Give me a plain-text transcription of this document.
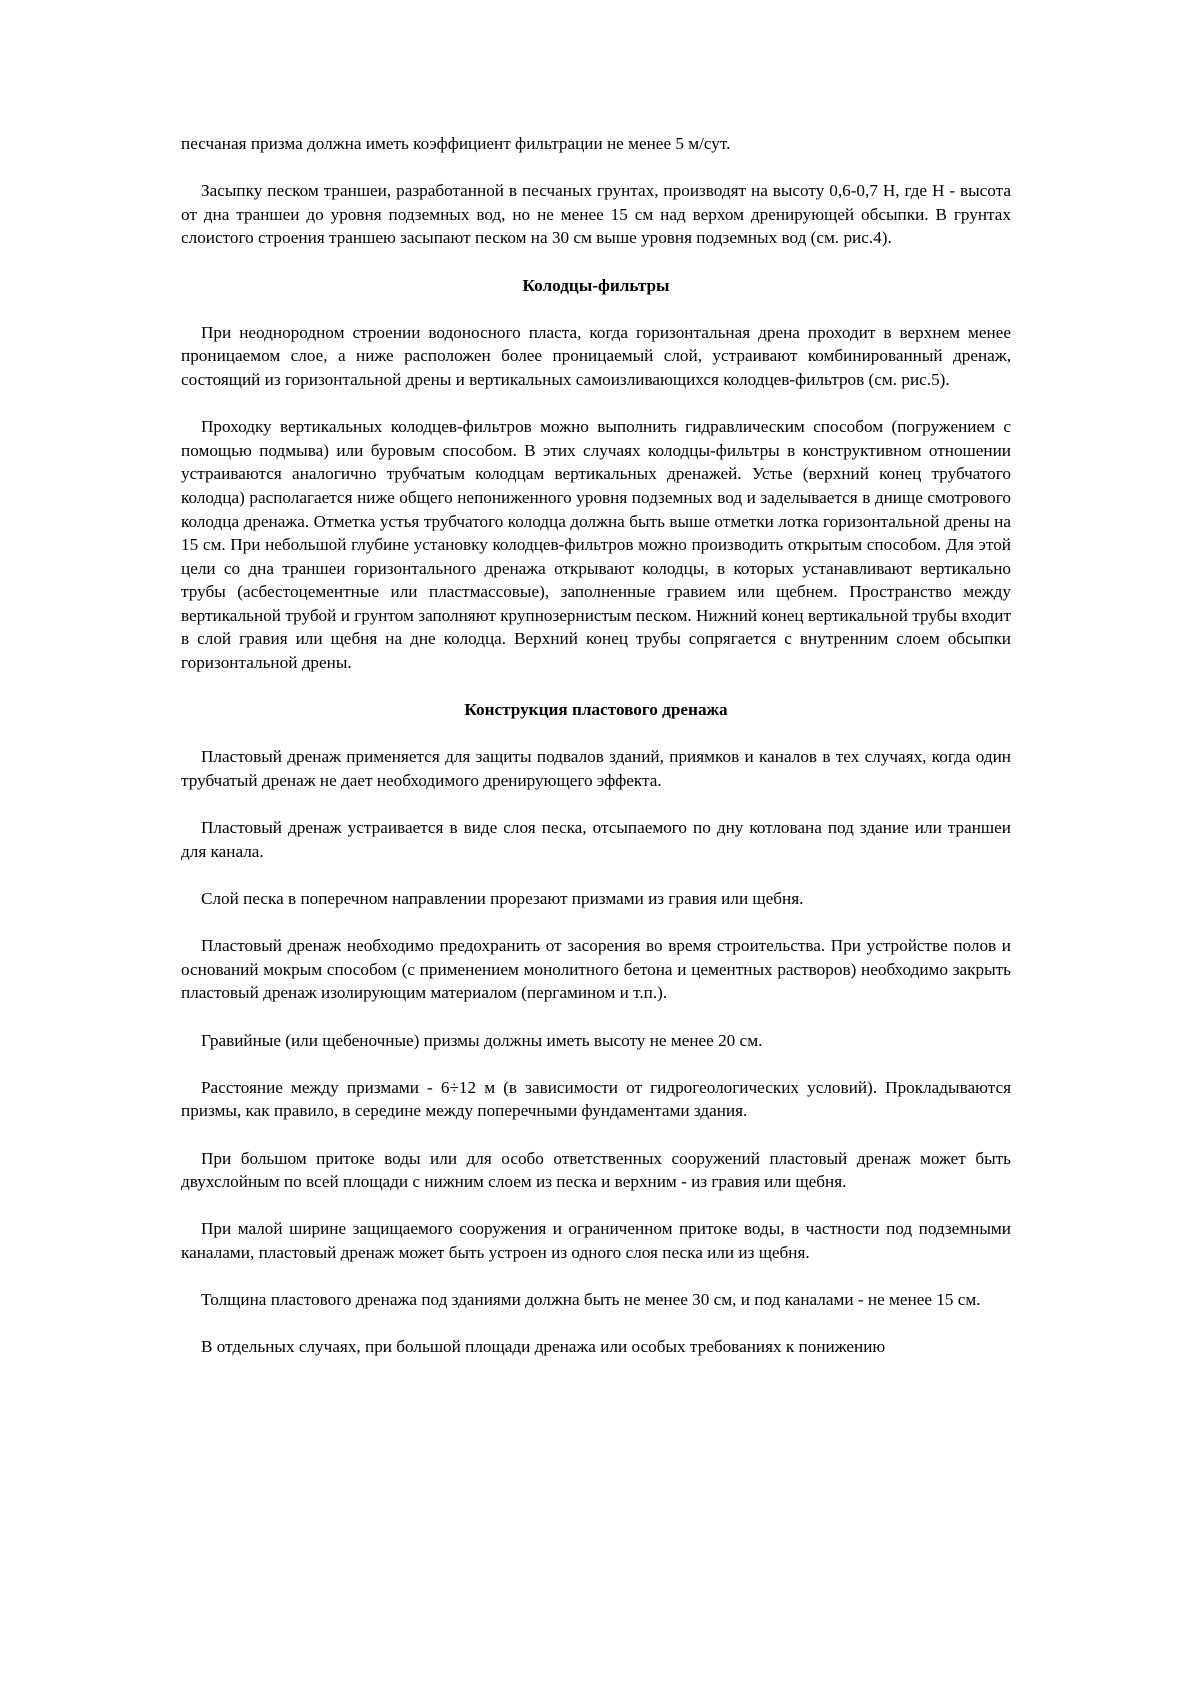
песчаная призма должна иметь коэффициент фильтрации не менее 5 м/сут.

Засыпку песком траншеи, разработанной в песчаных грунтах, производят на высоту 0,6-0,7 Н, где Н - высота от дна траншеи до уровня подземных вод, но не менее 15 см над верхом дренирующей обсыпки. В грунтах слоистого строения траншею засыпают песком на 30 см выше уровня подземных вод (см. рис.4).

Колодцы-фильтры

При неоднородном строении водоносного пласта, когда горизонтальная дрена проходит в верхнем менее проницаемом слое, а ниже расположен более проницаемый слой, устраивают комбинированный дренаж, состоящий из горизонтальной дрены и вертикальных самоизливающихся колодцев-фильтров (см. рис.5).

Проходку вертикальных колодцев-фильтров можно выполнить гидравлическим способом (погружением с помощью подмыва) или буровым способом. В этих случаях колодцы-фильтры в конструктивном отношении устраиваются аналогично трубчатым колодцам вертикальных дренажей. Устье (верхний конец трубчатого колодца) располагается ниже общего непониженного уровня подземных вод и заделывается в днище смотрового колодца дренажа. Отметка устья трубчатого колодца должна быть выше отметки лотка горизонтальной дрены на 15 см. При небольшой глубине установку колодцев-фильтров можно производить открытым способом. Для этой цели со дна траншеи горизонтального дренажа открывают колодцы, в которых устанавливают вертикально трубы (асбестоцементные или пластмассовые), заполненные гравием или щебнем. Пространство между вертикальной трубой и грунтом заполняют крупнозернистым песком. Нижний конец вертикальной трубы входит в слой гравия или щебня на дне колодца. Верхний конец трубы сопрягается с внутренним слоем обсыпки горизонтальной дрены.

Конструкция пластового дренажа

Пластовый дренаж применяется для защиты подвалов зданий, приямков и каналов в тех случаях, когда один трубчатый дренаж не дает необходимого дренирующего эффекта.

Пластовый дренаж устраивается в виде слоя песка, отсыпаемого по дну котлована под здание или траншеи для канала.

Слой песка в поперечном направлении прорезают призмами из гравия или щебня.

Пластовый дренаж необходимо предохранить от засорения во время строительства. При устройстве полов и оснований мокрым способом (с применением монолитного бетона и цементных растворов) необходимо закрыть пластовый дренаж изолирующим материалом (пергамином и т.п.).

Гравийные (или щебеночные) призмы должны иметь высоту не менее 20 см.

Расстояние между призмами - 6÷12 м (в зависимости от гидрогеологических условий). Прокладываются призмы, как правило, в середине между поперечными фундаментами здания.

При большом притоке воды или для особо ответственных сооружений пластовый дренаж может быть двухслойным по всей площади с нижним слоем из песка и верхним - из гравия или щебня.

При малой ширине защищаемого сооружения и ограниченном притоке воды, в частности под подземными каналами, пластовый дренаж может быть устроен из одного слоя песка или из щебня.

Толщина пластового дренажа под зданиями должна быть не менее 30 см, и под каналами - не менее 15 см.

В отдельных случаях, при большой площади дренажа или особых требованиях к понижению
